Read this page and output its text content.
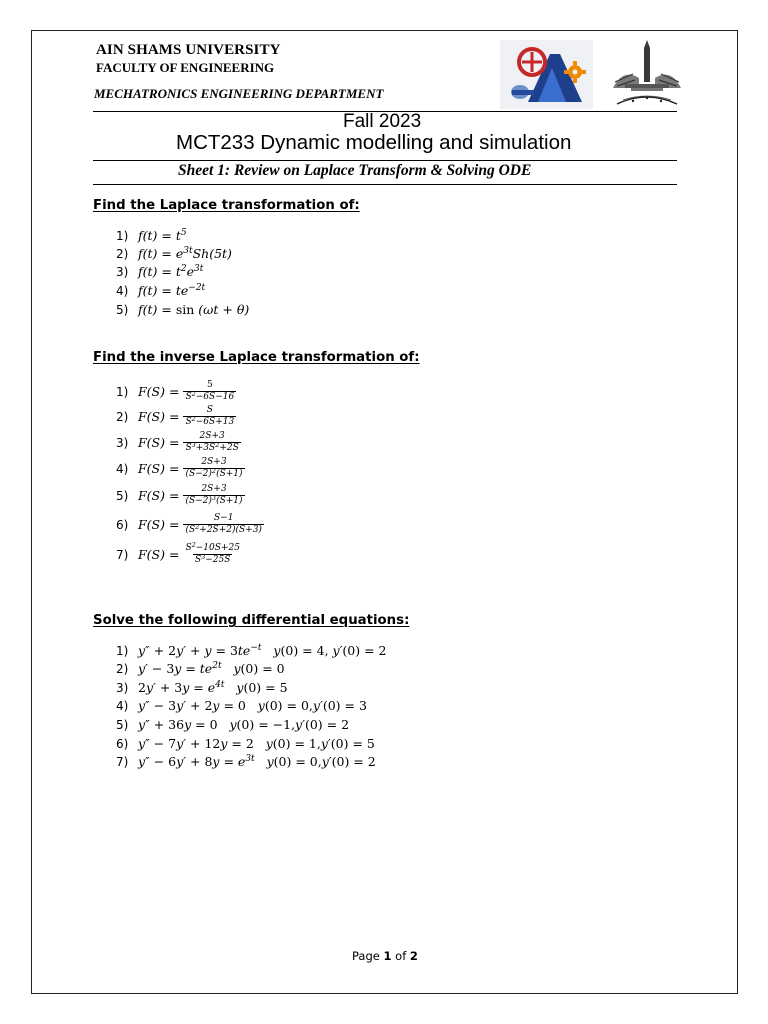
AIN SHAMS UNIVERSITY
FACULTY OF ENGINEERING
MECHATRONICS ENGINEERING DEPARTMENT
Fall 2023
MCT233 Dynamic modelling and simulation
Sheet 1: Review on Laplace Transform & Solving ODE
Find the Laplace transformation of:
1) $f(t) = t^5$
2) $f(t) = e^{3t}Sh(5t)$
3) $f(t) = t^2e^{3t}$
4) $f(t) = te^{-2t}$
5) f(t) = sin (ωt + θ)
Find the inverse Laplace transformation of:
1) $F(S) = \frac{5}{S^2-6S-16}$
2) $F(S) = \frac{S}{S^2-6S+13}$
3) $F(S) = \frac{2S+3}{S^3+3S^2+2S}$
4) $F(S) = \frac{2S+3}{(S-2)^2(S+1)}$
5) $F(S) = \frac{2S+3}{(S-2)^3(S+1)}$
6) $F(S) = \frac{S-1}{(S^2+2S+2)(S+3)}$
7) $F(S) = \frac{S^2-10S+25}{S^3-25S}$
Solve the following differential equations:
1) $y'' + 2y' + y = 3te^{-t}$   y(0) = 4, y′(0) = 2
2) $y' - 3y = te^{2t}$   y(0) = 0
3) $2y' + 3y = e^{4t}$   y(0) = 5
4) y″ − 3y′ + 2y = 0   y(0) = 0,y′(0) = 3
5) y″ + 36y = 0   y(0) = −1,y′(0) = 2
6) y″ − 7y′ + 12y = 2   y(0) = 1,y′(0) = 5
7) $y'' - 6y' + 8y = e^{3t}$   y(0) = 0,y′(0) = 2
Page 1 of 2
